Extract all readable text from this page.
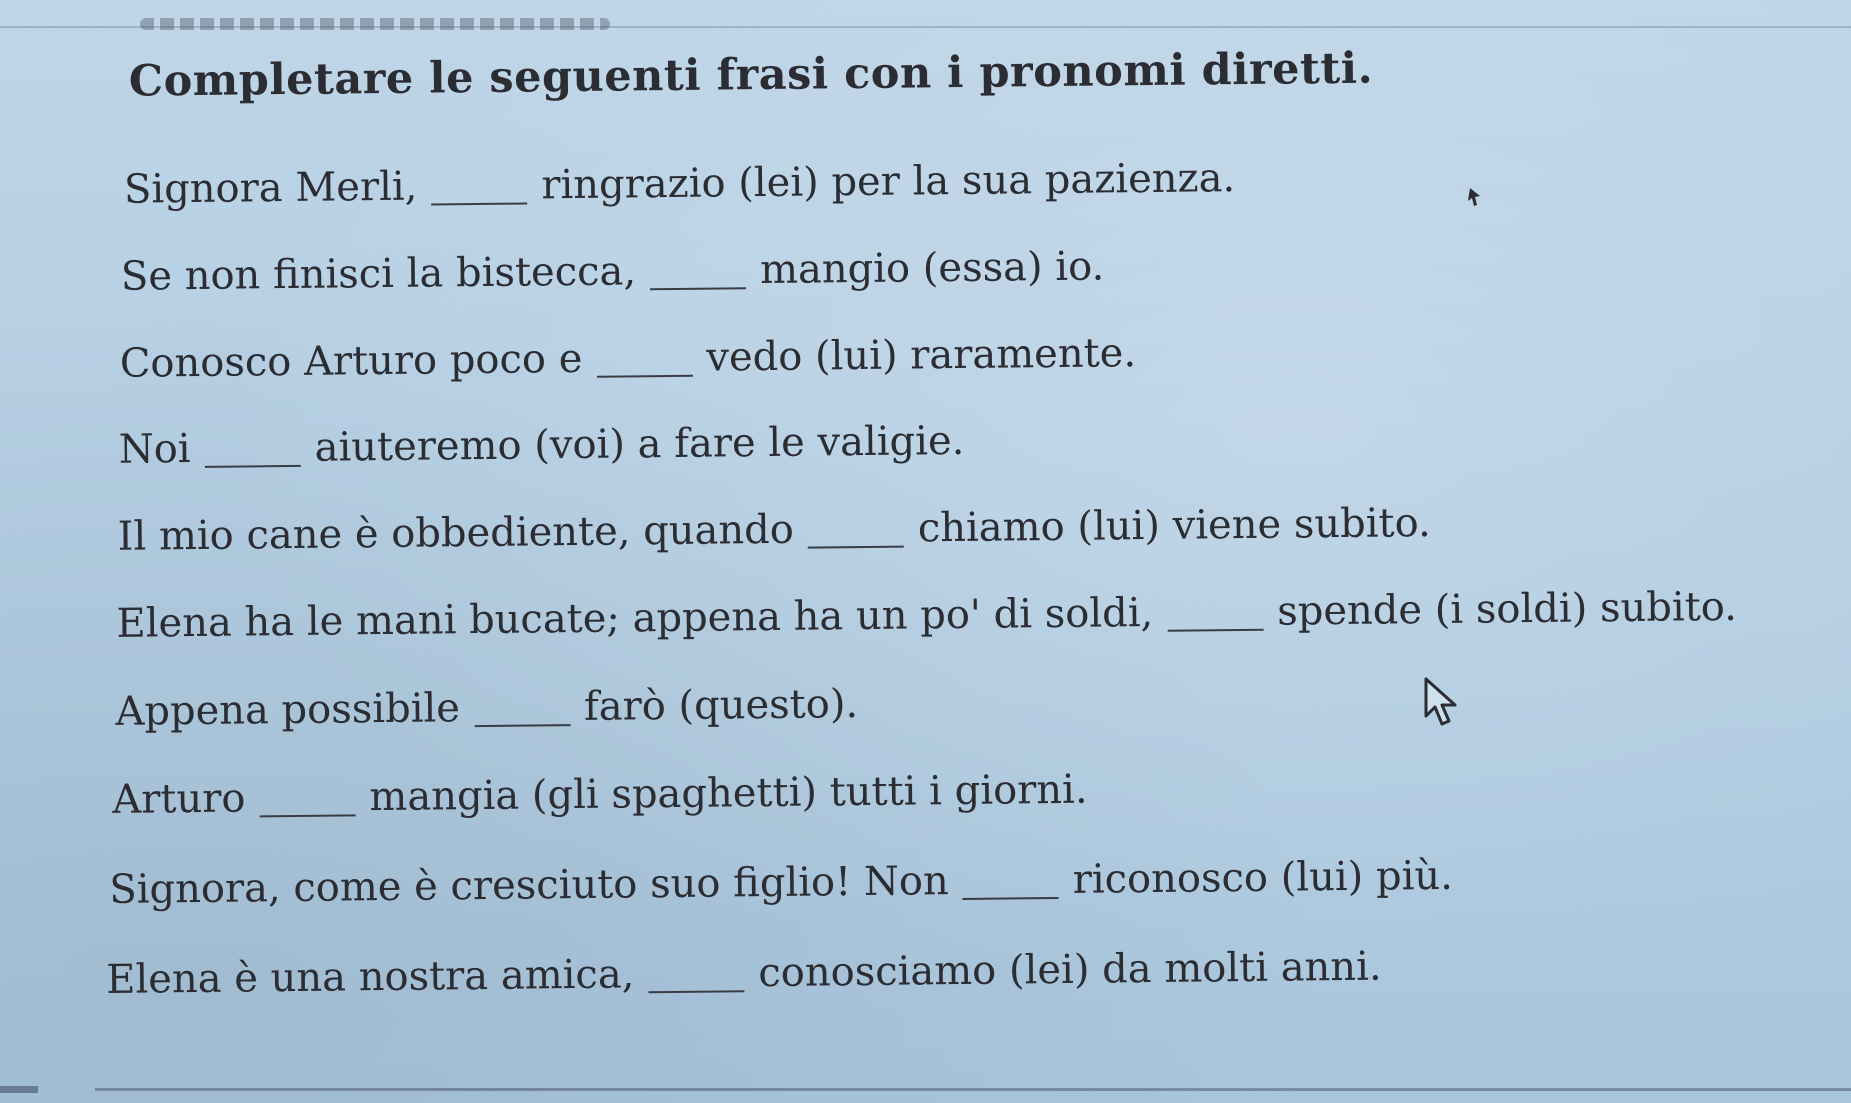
Completare le seguenti frasi con i pronomi diretti.
Signora Merli,	ringrazio (lei) per la sua pazienza.
Se non finisci la bistecca,	mangio (essa) io.
Conosco Arturo poco e	vedo (lui) raramente.
Noi	aiuteremo (voi) a fare le valigie.
Il mio cane è obbediente, quando	chiamo (lui) viene subito.
Elena ha le mani bucate; appena ha un po' di soldi,	spende (i soldi) subito.
Appena possibile	farò (questo).
Arturo	mangia (gli spaghetti) tutti i giorni.
Signora, come è cresciuto suo figlio! Non	riconosco (lui) più.
Elena è una nostra amica,	conosciamo (lei) da molti anni.
